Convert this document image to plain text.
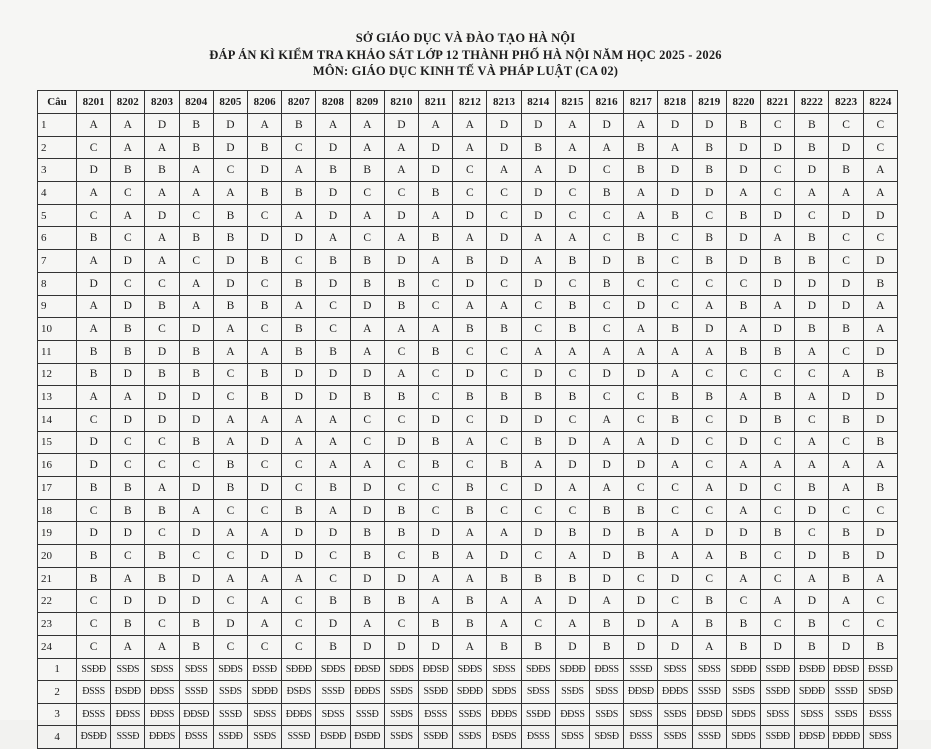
SỞ GIÁO DỤC VÀ ĐÀO TẠO HÀ NỘI
ĐÁP ÁN KÌ KIỂM TRA KHẢO SÁT LỚP 12 THÀNH PHỐ HÀ NỘI NĂM HỌC 2025 - 2026
MÔN: GIÁO DỤC KINH TẾ VÀ PHÁP LUẬT (CA 02)
Câu	8201	8202	8203	8204	8205	8206	8207	8208	8209	8210	8211	8212	8213	8214	8215	8216	8217	8218	8219	8220	8221	8222	8223	8224
1	A	A	D	B	D	A	B	A	A	D	A	A	D	D	A	D	A	D	D	B	C	B	C	C
2	C	A	A	B	D	B	C	D	A	A	D	A	D	B	A	A	B	A	B	D	D	B	D	C
3	D	B	B	A	C	D	A	B	B	A	D	C	A	A	D	C	B	D	B	D	C	D	B	A
4	A	C	A	A	A	B	B	D	C	C	B	C	C	D	C	B	A	D	D	A	C	A	A	A
5	C	A	D	C	B	C	A	D	A	D	A	D	C	D	C	C	A	B	C	B	D	C	D	D
6	B	C	A	B	B	D	D	A	C	A	B	A	D	A	A	C	B	C	B	D	A	B	C	C
7	A	D	A	C	D	B	C	B	B	D	A	B	D	A	B	D	B	C	B	D	B	B	C	D
8	D	C	C	A	D	C	B	D	B	B	C	D	C	D	C	B	C	C	C	C	D	D	D	B
9	A	D	B	A	B	B	A	C	D	B	C	A	A	C	B	C	D	C	A	B	A	D	D	A
10	A	B	C	D	A	C	B	C	A	A	A	B	B	C	B	C	A	B	D	A	D	B	B	A
11	B	B	D	B	A	A	B	B	A	C	B	C	C	A	A	A	A	A	A	B	B	A	C	D
12	B	D	B	B	C	B	D	D	D	A	C	D	C	D	C	D	D	A	C	C	C	C	A	B
13	A	A	D	D	C	B	D	D	B	B	C	B	B	B	B	C	C	B	B	A	B	A	D	D
14	C	D	D	D	A	A	A	A	C	C	D	C	D	D	C	A	C	B	C	D	B	C	B	D
15	D	C	C	B	A	D	A	A	C	D	B	A	C	B	D	A	A	D	C	D	C	A	C	B
16	D	C	C	C	B	C	C	A	A	C	B	C	B	A	D	D	D	A	C	A	A	A	A	A
17	B	B	A	D	B	D	C	B	D	C	C	B	C	D	A	A	C	C	A	D	C	B	A	B
18	C	B	B	A	C	C	B	A	D	B	C	B	C	C	C	B	B	C	C	A	C	D	C	C
19	D	D	C	D	A	A	D	D	B	B	D	A	A	D	B	D	B	A	D	D	B	C	B	D
20	B	C	B	C	C	D	D	C	B	C	B	A	D	C	A	D	B	A	A	B	C	D	B	D
21	B	A	B	D	A	A	A	C	D	D	A	A	B	B	B	D	C	D	C	A	C	A	B	A
22	C	D	D	D	C	A	C	B	B	B	A	B	A	A	D	A	D	C	B	C	A	D	A	C
23	C	B	C	B	D	A	C	D	A	C	B	B	A	C	A	B	D	A	B	B	C	B	C	C
24	C	A	A	B	C	C	C	B	D	D	D	A	B	B	D	B	D	D	A	B	D	B	D	B
1	SSĐĐ	SSĐS	SĐSS	SĐSS	SĐĐS	ĐSSĐ	SĐĐĐ	SĐĐS	ĐĐSĐ	SĐĐS	ĐĐSĐ	SĐĐS	SĐSS	SĐĐS	SĐĐĐ	ĐĐSS	SSSĐ	SĐSS	SĐSS	SĐĐĐ	SSĐĐ	ĐSĐĐ	ĐĐSĐ	ĐSSĐ
2	ĐSSS	ĐSĐĐ	ĐĐSS	SSSĐ	SSĐS	SĐĐĐ	ĐSĐS	SSSĐ	ĐĐĐS	SSĐS	SSĐĐ	SĐĐĐ	SĐĐS	SĐSS	SSĐS	SĐSS	ĐĐSĐ	ĐĐĐS	SSSĐ	SSĐS	SSĐĐ	SĐĐĐ	SSSĐ	SĐSĐ
3	ĐSSS	ĐĐSS	ĐĐSS	ĐĐSĐ	SSSĐ	SĐSS	ĐĐĐS	SĐSS	SSSĐ	SSĐS	ĐSSS	SSĐS	ĐĐĐS	SSĐĐ	ĐĐSS	SSĐS	SĐSS	SSĐS	ĐĐSĐ	SĐĐS	SĐSS	SĐSS	SSĐS	ĐSSS
4	ĐSĐĐ	SSSĐ	ĐĐĐS	ĐSSS	SSĐĐ	SSĐS	SSSĐ	ĐSĐĐ	ĐSĐĐ	SSĐS	SSĐĐ	SSĐS	ĐSĐS	ĐSSS	SĐSS	SĐSĐ	ĐSSS	SSĐS	SSSĐ	SĐĐS	SSĐĐ	ĐĐSĐ	ĐĐĐĐ	SĐSS
